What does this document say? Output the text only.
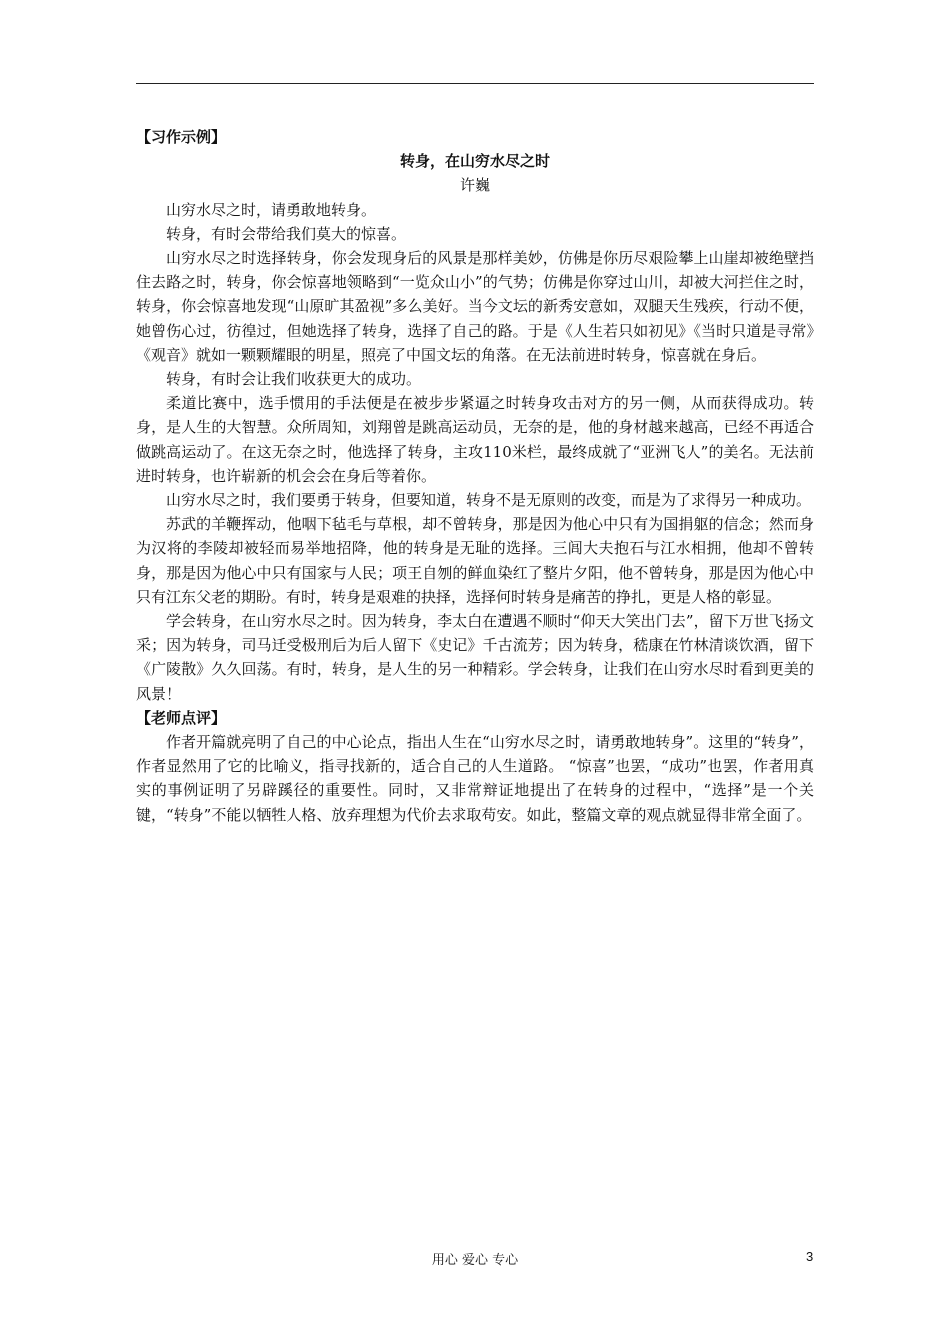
【习作示例】

转身，在山穷水尽之时

许巍

山穷水尽之时，请勇敢地转身。

转身，有时会带给我们莫大的惊喜。

山穷水尽之时选择转身，你会发现身后的风景是那样美妙，仿佛是你历尽艰险攀上山崖却被绝壁挡住去路之时，转身，你会惊喜地领略到“一览众山小”的气势；仿佛是你穿过山川，却被大河拦住之时，转身，你会惊喜地发现“山原旷其盈视”多么美好。当今文坛的新秀安意如，双腿天生残疾，行动不便，她曾伤心过，彷徨过，但她选择了转身，选择了自己的路。于是《人生若只如初见》《当时只道是寻常》《观音》就如一颗颗耀眼的明星，照亮了中国文坛的角落。在无法前进时转身，惊喜就在身后。

转身，有时会让我们收获更大的成功。

柔道比赛中，选手惯用的手法便是在被步步紧逼之时转身攻击对方的另一侧，从而获得成功。转身，是人生的大智慧。众所周知，刘翔曾是跳高运动员，无奈的是，他的身材越来越高，已经不再适合做跳高运动了。在这无奈之时，他选择了转身，主攻110米栏，最终成就了“亚洲飞人”的美名。无法前进时转身，也许崭新的机会会在身后等着你。

山穷水尽之时，我们要勇于转身，但要知道，转身不是无原则的改变，而是为了求得另一种成功。

苏武的羊鞭挥动，他咽下毡毛与草根，却不曾转身，那是因为他心中只有为国捐躯的信念；然而身为汉将的李陵却被轻而易举地招降，他的转身是无耻的选择。三闾大夫抱石与江水相拥，他却不曾转身，那是因为他心中只有国家与人民；项王自刎的鲜血染红了整片夕阳，他不曾转身，那是因为他心中只有江东父老的期盼。有时，转身是艰难的抉择，选择何时转身是痛苦的挣扎，更是人格的彰显。

学会转身，在山穷水尽之时。因为转身，李太白在遭遇不顺时“仰天大笑出门去”，留下万世飞扬文采；因为转身，司马迁受极刑后为后人留下《史记》千古流芳；因为转身，嵇康在竹林清谈饮酒，留下《广陵散》久久回荡。有时，转身，是人生的另一种精彩。学会转身，让我们在山穷水尽时看到更美的风景！

【老师点评】

作者开篇就亮明了自己的中心论点，指出人生在“山穷水尽之时，请勇敢地转身”。这里的“转身”，作者显然用了它的比喻义，指寻找新的，适合自己的人生道路。 “惊喜”也罢，“成功”也罢，作者用真实的事例证明了另辟蹊径的重要性。同时，又非常辩证地提出了在转身的过程中，“选择”是一个关键，“转身”不能以牺牲人格、放弃理想为代价去求取苟安。如此，整篇文章的观点就显得非常全面了。

用心 爱心 专心	3
